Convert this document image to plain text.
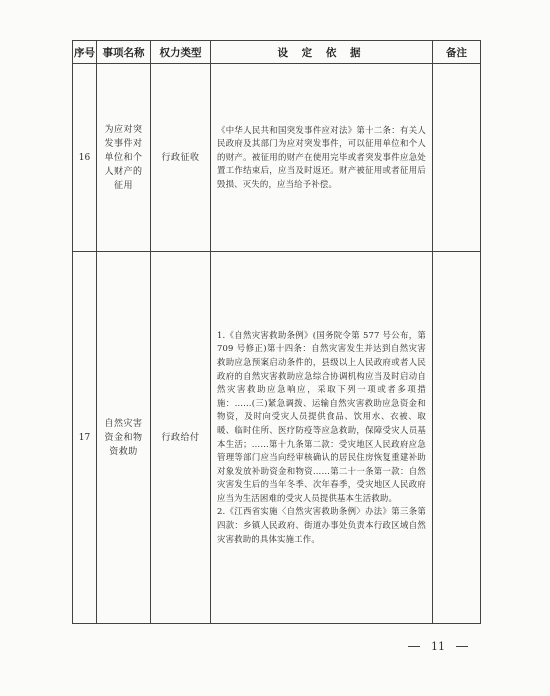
序号	事项名称	权力类型	设 定 依 据	备注
16	为应对突发事件对单位和个人财产的征用	行政征收	《中华人民共和国突发事件应对法》第十二条：有关人民政府及其部门为应对突发事件，可以征用单位和个人的财产。被征用的财产在使用完毕或者突发事件应急处置工作结束后，应当及时返还。财产被征用或者征用后毁损、灭失的，应当给予补偿。	

17	自然灾害资金和物资救助	行政给付	1.《自然灾害救助条例》(国务院令第 577 号公布，第 709 号修正)第十四条：自然灾害发生并达到自然灾害救助应急预案启动条件的，县级以上人民政府或者人民政府的自然灾害救助应急综合协调机构应当及时启动自然灾害救助应急响应，采取下列一项或者多项措施：……(三)紧急调拨、运输自然灾害救助应急资金和物资，及时向受灾人员提供食品、饮用水、衣被、取暖、临时住所、医疗防疫等应急救助，保障受灾人员基本生活；……第十九条第二款：受灾地区人民政府应急管理等部门应当向经审核确认的居民住房恢复重建补助对象发放补助资金和物资……第二十一条第一款：自然灾害发生后的当年冬季、次年春季，受灾地区人民政府应当为生活困难的受灾人员提供基本生活救助。
2.《江西省实施〈自然灾害救助条例〉办法》第三条第四款：乡镇人民政府、街道办事处负责本行政区域自然灾害救助的具体实施工作。	

11
